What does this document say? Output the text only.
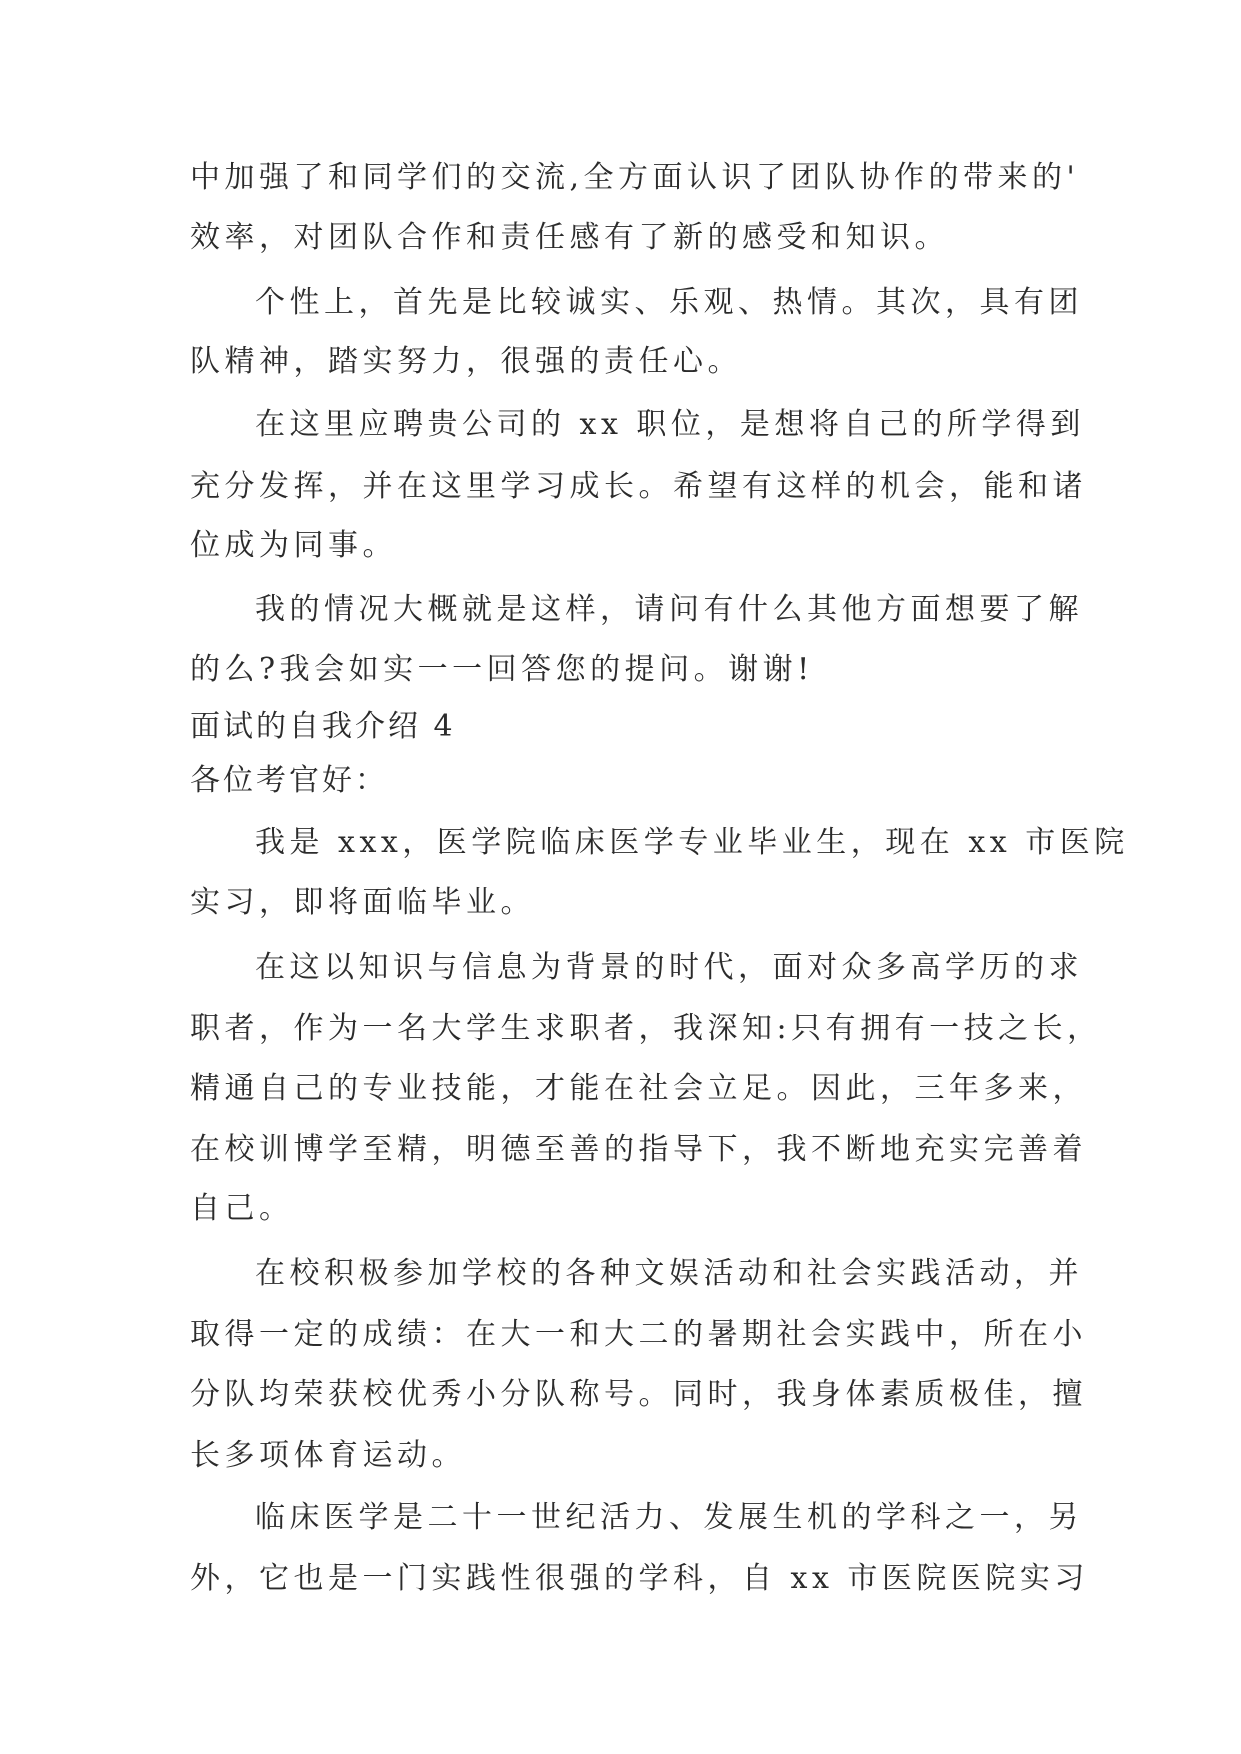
中加强了和同学们的交流,全方面认识了团队协作的带来的'
效率，对团队合作和责任感有了新的感受和知识。
个性上，首先是比较诚实、乐观、热情。其次，具有团
队精神，踏实努力，很强的责任心。
在这里应聘贵公司的 xx 职位，是想将自己的所学得到
充分发挥，并在这里学习成长。希望有这样的机会，能和诸
位成为同事。
我的情况大概就是这样，请问有什么其他方面想要了解
的么?我会如实一一回答您的提问。谢谢!
面试的自我介绍 4
各位考官好：
我是 xxx，医学院临床医学专业毕业生，现在 xx 市医院
实习，即将面临毕业。
在这以知识与信息为背景的时代，面对众多高学历的求
职者，作为一名大学生求职者，我深知:只有拥有一技之长，
精通自己的专业技能，才能在社会立足。因此，三年多来，
在校训博学至精，明德至善的指导下，我不断地充实完善着
自己。
在校积极参加学校的各种文娱活动和社会实践活动，并
取得一定的成绩：在大一和大二的暑期社会实践中，所在小
分队均荣获校优秀小分队称号。同时，我身体素质极佳，擅
长多项体育运动。
临床医学是二十一世纪活力、发展生机的学科之一，另
外，它也是一门实践性很强的学科，自 xx 市医院医院实习
